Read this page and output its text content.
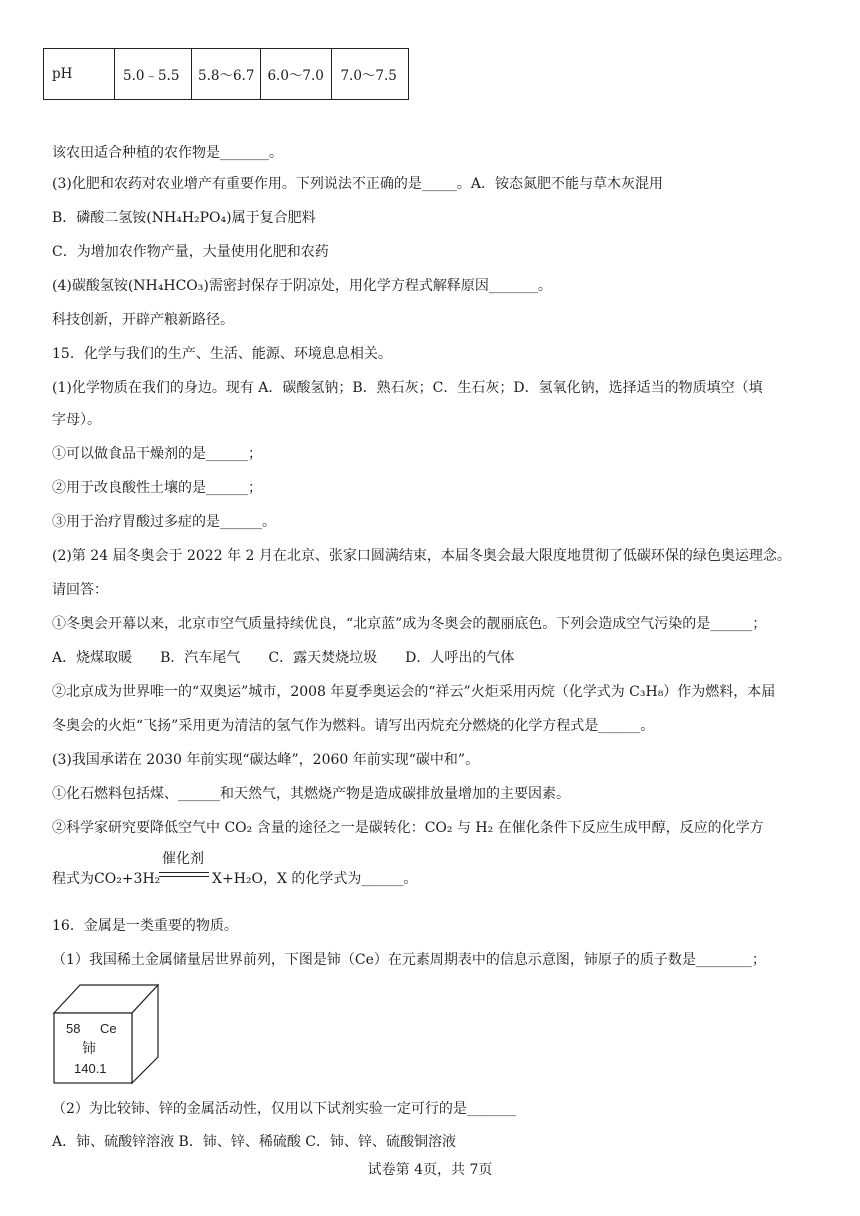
pH	5.0﹣5.5	5.8～6.7	6.0～7.0	7.0～7.5
该农田适合种植的农作物是_______。
(3)化肥和农药对农业增产有重要作用。下列说法不正确的是_____。A．铵态氮肥不能与草木灰混用
B．磷酸二氢铵(NH₄H₂PO₄)属于复合肥料
C．为增加农作物产量，大量使用化肥和农药
(4)碳酸氢铵(NH₄HCO₃)需密封保存于阴凉处，用化学方程式解释原因_______。
科技创新，开辟产粮新路径。
15．化学与我们的生产、生活、能源、环境息息相关。
(1)化学物质在我们的身边。现有 A．碳酸氢钠；B．熟石灰；C．生石灰；D．氢氧化钠，选择适当的物质填空（填
字母）。
①可以做食品干燥剂的是______；
②用于改良酸性土壤的是______；
③用于治疗胃酸过多症的是______。
(2)第 24 届冬奥会于 2022 年 2 月在北京、张家口圆满结束，本届冬奥会最大限度地贯彻了低碳环保的绿色奥运理念。
请回答：
①冬奥会开幕以来，北京市空气质量持续优良，“北京蓝”成为冬奥会的靓丽底色。下列会造成空气污染的是______；
A．烧煤取暖　　B．汽车尾气　　C．露天焚烧垃圾　　D．人呼出的气体
②北京成为世界唯一的“双奥运”城市，2008 年夏季奥运会的“祥云”火炬采用丙烷（化学式为 C₃H₈）作为燃料，本届
冬奥会的火炬“飞扬”采用更为清洁的氢气作为燃料。请写出丙烷充分燃烧的化学方程式是______。
(3)我国承诺在 2030 年前实现“碳达峰”，2060 年前实现“碳中和”。
①化石燃料包括煤、______和天然气，其燃烧产物是造成碳排放量增加的主要因素。
②科学家研究要降低空气中 CO₂ 含量的途径之一是碳转化：CO₂ 与 H₂ 在催化条件下反应生成甲醇，反应的化学方
程式为CO₂+3H₂
催化剂
X+H₂O，X 的化学式为______。
16．金属是一类重要的物质。
（1）我国稀土金属储量居世界前列，下图是铈（Ce）在元素周期表中的信息示意图，铈原子的质子数是________；
58 Ce
铈
140.1
（2）为比较铈、锌的金属活动性，仅用以下试剂实验一定可行的是_______
A．铈、硫酸锌溶液 B．铈、锌、稀硫酸 C．铈、锌、硫酸铜溶液
试卷第 4页，共 7页
